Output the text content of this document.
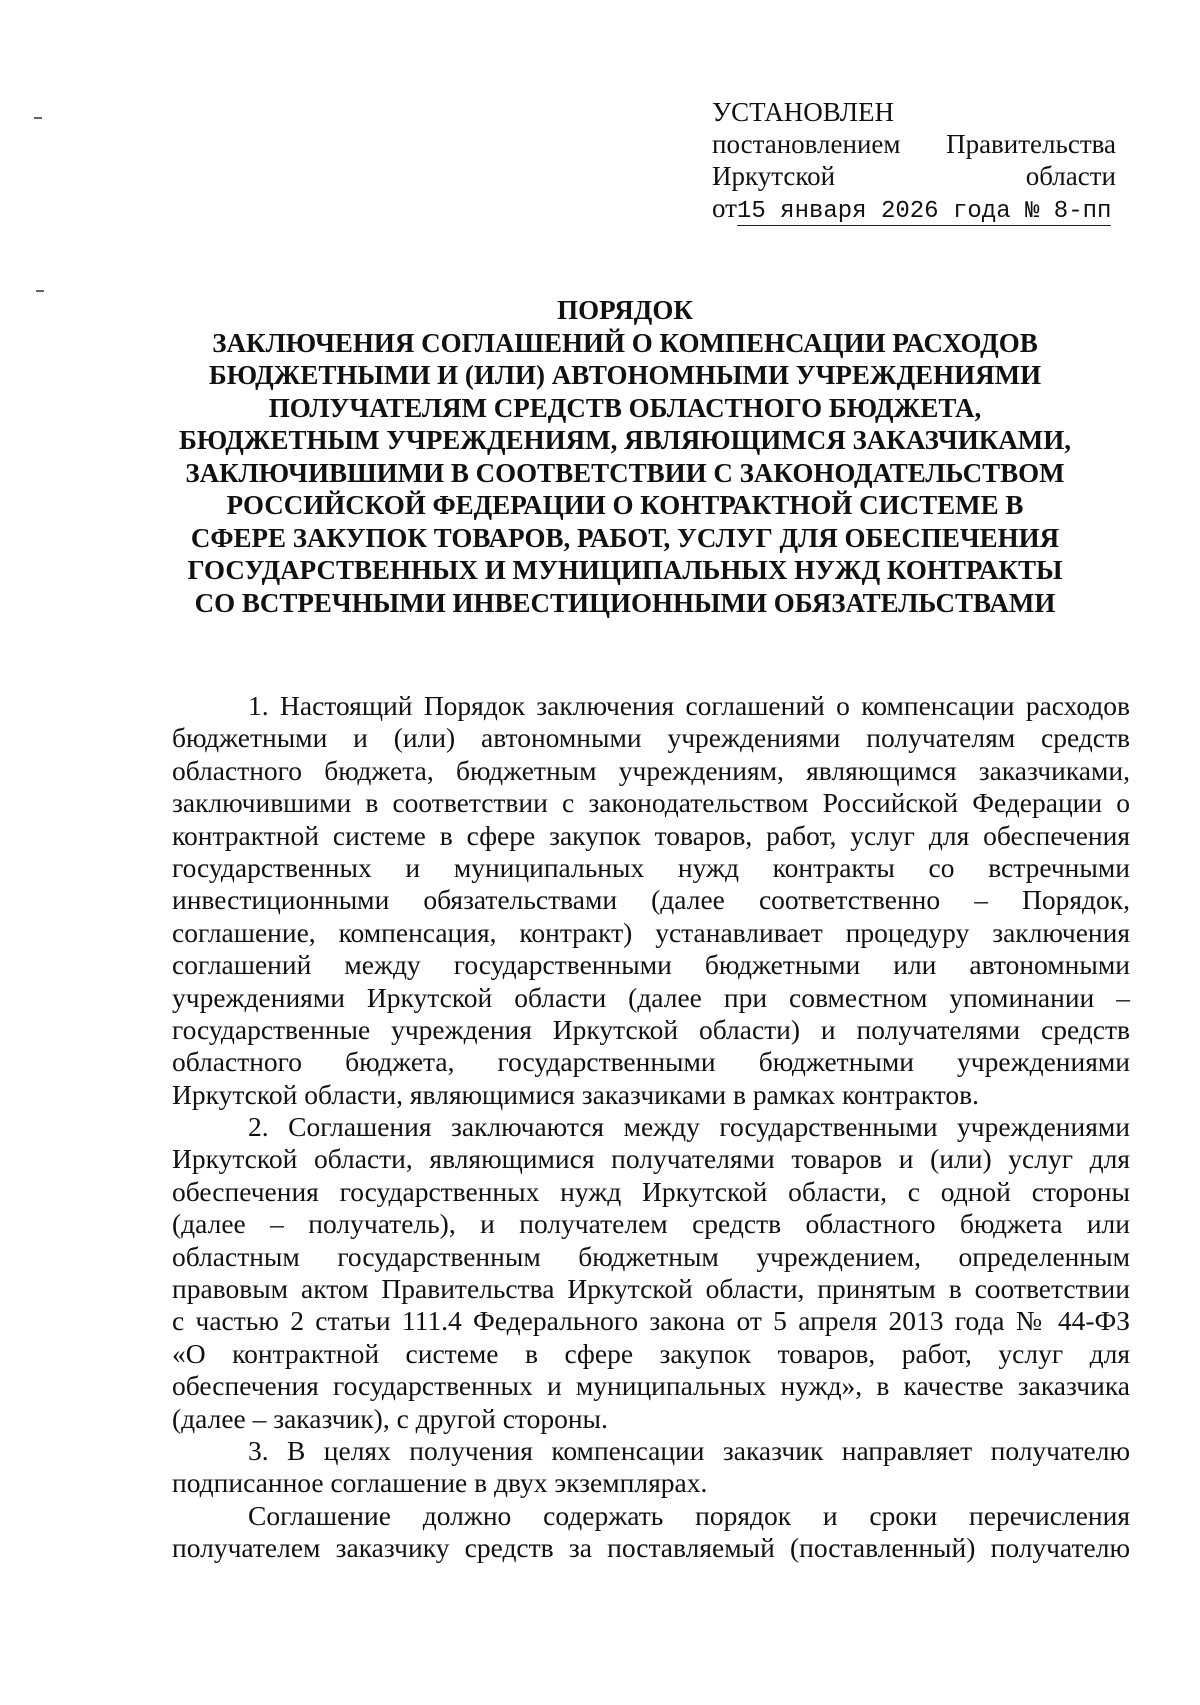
УСТАНОВЛЕН
постановлением Правительства
Иркутской	области
от15 января 2026 года № 8-пп
ПОРЯДОК
ЗАКЛЮЧЕНИЯ СОГЛАШЕНИЙ О КОМПЕНСАЦИИ РАСХОДОВ
БЮДЖЕТНЫМИ И (ИЛИ) АВТОНОМНЫМИ УЧРЕЖДЕНИЯМИ
ПОЛУЧАТЕЛЯМ СРЕДСТВ ОБЛАСТНОГО БЮДЖЕТА,
БЮДЖЕТНЫМ УЧРЕЖДЕНИЯМ, ЯВЛЯЮЩИМСЯ ЗАКАЗЧИКАМИ,
ЗАКЛЮЧИВШИМИ В СООТВЕТСТВИИ С ЗАКОНОДАТЕЛЬСТВОМ
РОССИЙСКОЙ ФЕДЕРАЦИИ О КОНТРАКТНОЙ СИСТЕМЕ В
СФЕРЕ ЗАКУПОК ТОВАРОВ, РАБОТ, УСЛУГ ДЛЯ ОБЕСПЕЧЕНИЯ
ГОСУДАРСТВЕННЫХ И МУНИЦИПАЛЬНЫХ НУЖД КОНТРАКТЫ
СО ВСТРЕЧНЫМИ ИНВЕСТИЦИОННЫМИ ОБЯЗАТЕЛЬСТВАМИ
1. Настоящий Порядок заключения соглашений о компенсации расходов
бюджетными и (или) автономными учреждениями получателям средств
областного бюджета, бюджетным учреждениям, являющимся заказчиками,
заключившими в соответствии с законодательством Российской Федерации о
контрактной системе в сфере закупок товаров, работ, услуг для обеспечения
государственных и муниципальных нужд контракты со встречными
инвестиционными обязательствами (далее соответственно – Порядок,
соглашение, компенсация, контракт) устанавливает процедуру заключения
соглашений между государственными бюджетными или автономными
учреждениями Иркутской области (далее при совместном упоминании –
государственные учреждения Иркутской области) и получателями средств
областного бюджета, государственными бюджетными учреждениями
Иркутской области, являющимися заказчиками в рамках контрактов.
2. Соглашения заключаются между государственными учреждениями
Иркутской области, являющимися получателями товаров и (или) услуг для
обеспечения государственных нужд Иркутской области, с одной стороны
(далее – получатель), и получателем средств областного бюджета или
областным государственным бюджетным учреждением, определенным
правовым актом Правительства Иркутской области, принятым в соответствии
с частью 2 статьи 111.4 Федерального закона от 5 апреля 2013 года № 44-ФЗ
«О контрактной системе в сфере закупок товаров, работ, услуг для
обеспечения государственных и муниципальных нужд», в качестве заказчика
(далее – заказчик), с другой стороны.
3. В целях получения компенсации заказчик направляет получателю
подписанное соглашение в двух экземплярах.
Соглашение должно содержать порядок и сроки перечисления
получателем заказчику средств за поставляемый (поставленный) получателю
